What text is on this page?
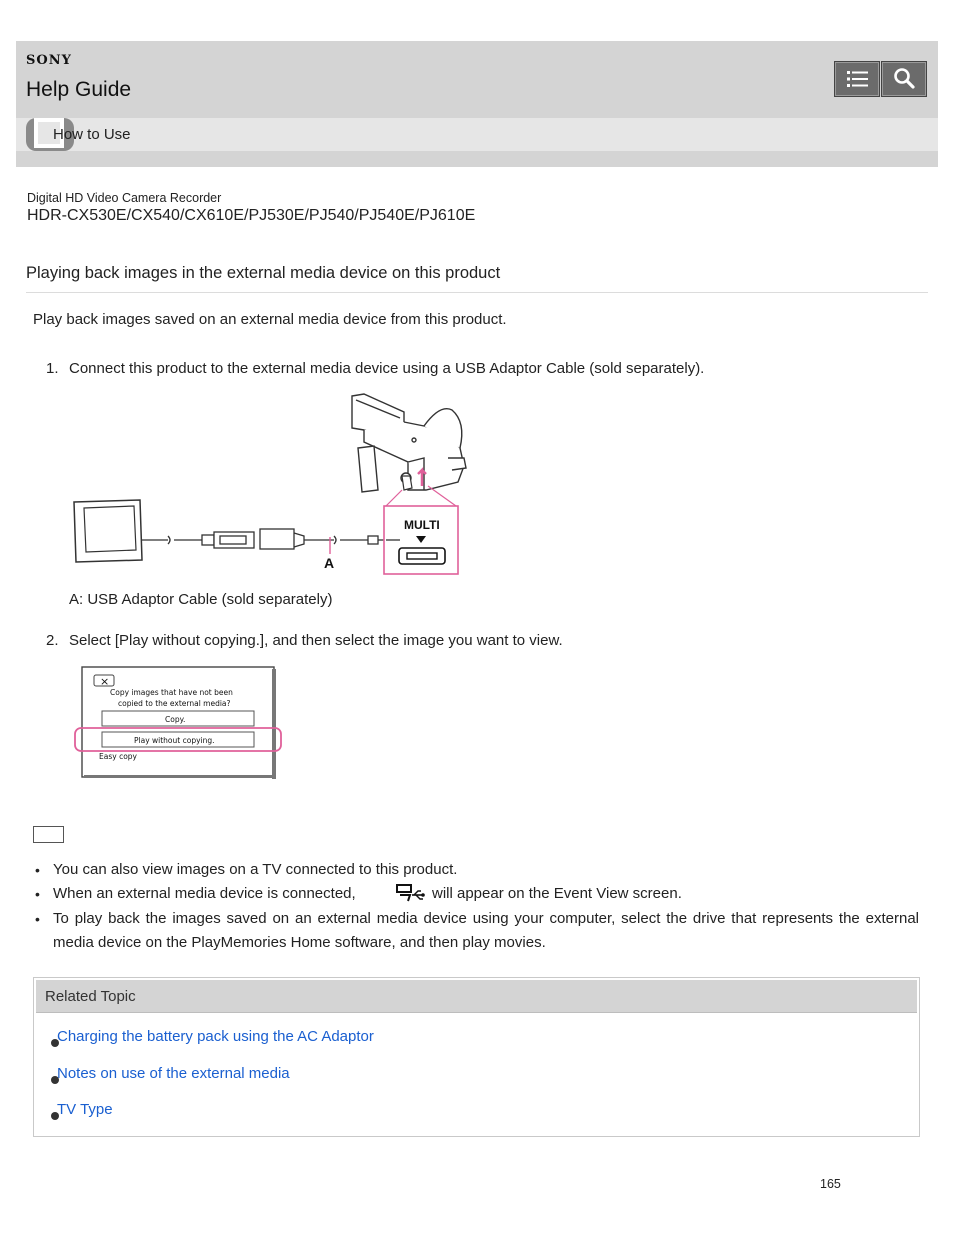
SONY
Help Guide
How to Use
Digital HD Video Camera Recorder
HDR-CX530E/CX540/CX610E/PJ530E/PJ540/PJ540E/PJ610E
Playing back images in the external media device on this product
Play back images saved on an external media device from this product.
1. Connect this product to the external media device using a USB Adaptor Cable (sold separately).
A
MULTI
A: USB Adaptor Cable (sold separately)
2. Select [Play without copying.], and then select the image you want to view.
×
Copy images that have not been
copied to the external media?
Copy.
Play without copying.
Easy copy
• You can also view images on a TV connected to this product.
• When an external media device is connected,	will appear on the Event View screen.
• To play back the images saved on an external media device using your computer, select the drive that represents the external media device on the PlayMemories Home software, and then play movies.
Related Topic
Charging the battery pack using the AC Adaptor
Notes on use of the external media
TV Type
165
